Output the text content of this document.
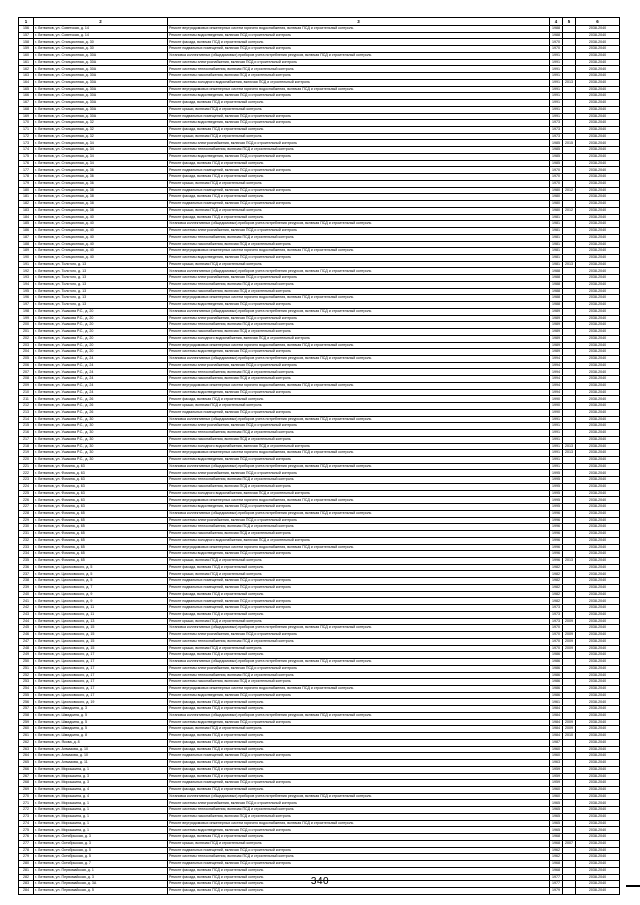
1	2	3	4	5	6
156	г. Литвинов, ул. Советская, д. 14	Ремонт внутридомовых инженерных систем горячего водоснабжения, включая ПСД и строительный контроль	1988		2038-2040
157	г. Литвинов, ул. Советская, д. 14	Ремонт системы водоотведения, включая ПСД и строительный контроль	1988		2038-2040
158	г. Литвинов, ул. Станционная, д. 30	Ремонт фасада, включая ПСД и строительный контроль	1970		2038-2040
159	г. Литвинов, ул. Станционная, д. 30	Ремонт подвальных помещений, включая ПСД и строительный контроль	1970		2038-2040
160	г. Литвинов, ул. Станционная, д. 30А	Установка коллективных (общедомовых) приборов учета потребления ресурсов, включая ПСД и строительный контроль	1991		2038-2040
161	г. Литвинов, ул. Станционная, д. 30А	Ремонт системы электроснабжения, включая ПСД и строительный контроль	1991		2038-2040
162	г. Литвинов, ул. Станционная, д. 30А	Ремонт системы теплоснабжения, включая ПСД и строительный контроль	1991		2038-2040
163	г. Литвинов, ул. Станционная, д. 30А	Ремонт системы газоснабжения, включая ПСД и строительный контроль	1991		2038-2040
164	г. Литвинов, ул. Станционная, д. 30А	Ремонт системы холодного водоснабжения, включая ПСД и строительный контроль	1991	2013	2038-2040
165	г. Литвинов, ул. Станционная, д. 30А	Ремонт внутридомовых инженерных систем горячего водоснабжения, включая ПСД и строительный контроль	1991		2038-2040
166	г. Литвинов, ул. Станционная, д. 30А	Ремонт системы водоотведения, включая ПСД и строительный контроль	1991		2038-2040
167	г. Литвинов, ул. Станционная, д. 30А	Ремонт фасада, включая ПСД и строительный контроль	1991		2038-2040
168	г. Литвинов, ул. Станционная, д. 30А	Ремонт крыши, включая ПСД и строительный контроль	1991		2038-2040
169	г. Литвинов, ул. Станционная, д. 30А	Ремонт подвальных помещений, включая ПСД и строительный контроль	1991		2038-2040
170	г. Литвинов, ул. Станционная, д. 32	Ремонт системы водоотведения, включая ПСД и строительный контроль	1973		2038-2040
171	г. Литвинов, ул. Станционная, д. 32	Ремонт фасада, включая ПСД и строительный контроль	1973		2038-2040
172	г. Литвинов, ул. Станционная, д. 32	Ремонт крыши, включая ПСД и строительный контроль	1973		2038-2040
173	г. Литвинов, ул. Станционная, д. 34	Ремонт системы электроснабжения, включая ПСД и строительный контроль	1985	2015	2038-2040
174	г. Литвинов, ул. Станционная, д. 34	Ремонт системы теплоснабжения, включая ПСД и строительный контроль	1985		2038-2040
175	г. Литвинов, ул. Станционная, д. 34	Ремонт системы водоотведения, включая ПСД и строительный контроль	1985		2038-2040
176	г. Литвинов, ул. Станционная, д. 34	Ремонт фасада, включая ПСД и строительный контроль	1985		2038-2040
177	г. Литвинов, ул. Станционная, д. 36	Ремонт подвальных помещений, включая ПСД и строительный контроль	1970		2038-2040
178	г. Литвинов, ул. Станционная, д. 36	Ремонт фасада, включая ПСД и строительный контроль	1970		2038-2040
179	г. Литвинов, ул. Станционная, д. 36	Ремонт крыши, включая ПСД и строительный контроль	1970		2038-2040
180	г. Литвинов, ул. Станционная, д. 38	Ремонт подвальных помещений, включая ПСД и строительный контроль	1980	2012	2038-2040
181	г. Литвинов, ул. Станционная, д. 38	Ремонт фасада, включая ПСД и строительный контроль	1980		2038-2040
182	г. Литвинов, ул. Станционная, д. 38	Ремонт подвальных помещений, включая ПСД и строительный контроль	1980		2038-2040
183	г. Литвинов, ул. Станционная, д. 38	Ремонт крыши, включая ПСД и строительный контроль	1980	2012	2038-2040
184	г. Литвинов, ул. Станционная, д. 40	Ремонт фасада, включая ПСД и строительный контроль	1981		2038-2040
185	г. Литвинов, ул. Станционная, д. 40	Установка коллективных (общедомовых) приборов учета потребления ресурсов, включая ПСД и строительный контроль	1981		2038-2040
186	г. Литвинов, ул. Станционная, д. 40	Ремонт системы электроснабжения, включая ПСД и строительный контроль	1981		2038-2040
187	г. Литвинов, ул. Станционная, д. 40	Ремонт системы теплоснабжения, включая ПСД и строительный контроль	1981		2038-2040
188	г. Литвинов, ул. Станционная, д. 40	Ремонт системы газоснабжения, включая ПСД и строительный контроль	1981		2038-2040
189	г. Литвинов, ул. Станционная, д. 40	Ремонт внутридомовых инженерных систем горячего водоснабжения, включая ПСД и строительный контроль	1981		2038-2040
190	г. Литвинов, ул. Станционная, д. 40	Ремонт системы водоотведения, включая ПСД и строительный контроль	1981		2038-2040
191	г. Литвинов, ул. Толстого, д. 13	Ремонт крыши, включая ПСД и строительный контроль	1981	2013	2038-2040
192	г. Литвинов, ул. Толстого, д. 13	Установка коллективных (общедомовых) приборов учета потребления ресурсов, включая ПСД и строительный контроль	1988		2038-2040
193	г. Литвинов, ул. Толстого, д. 13	Ремонт системы электроснабжения, включая ПСД и строительный контроль	1988		2038-2040
194	г. Литвинов, ул. Толстого, д. 13	Ремонт системы теплоснабжения, включая ПСД и строительный контроль	1988		2038-2040
195	г. Литвинов, ул. Толстого, д. 13	Ремонт системы газоснабжения, включая ПСД и строительный контроль	1988		2038-2040
196	г. Литвинов, ул. Толстого, д. 13	Ремонт внутридомовых инженерных систем горячего водоснабжения, включая ПСД и строительный контроль	1988		2038-2040
197	г. Литвинов, ул. Толстого, д. 13	Ремонт системы водоотведения, включая ПСД и строительный контроль	1988		2038-2040
198	г. Литвинов, ул. Ушакова Р.С., д. 20	Установка коллективных (общедомовых) приборов учета потребления ресурсов, включая ПСД и строительный контроль	1989		2038-2040
199	г. Литвинов, ул. Ушакова Р.С., д. 20	Ремонт системы электроснабжения, включая ПСД и строительный контроль	1989		2038-2040
200	г. Литвинов, ул. Ушакова Р.С., д. 20	Ремонт системы теплоснабжения, включая ПСД и строительный контроль	1989		2038-2040
201	г. Литвинов, ул. Ушакова Р.С., д. 20	Ремонт системы газоснабжения, включая ПСД и строительный контроль	1989		2038-2040
202	г. Литвинов, ул. Ушакова Р.С., д. 20	Ремонт системы холодного водоснабжения, включая ПСД и строительный контроль	1989		2038-2040
203	г. Литвинов, ул. Ушакова Р.С., д. 20	Ремонт внутридомовых инженерных систем горячего водоснабжения, включая ПСД и строительный контроль	1989		2038-2040
204	г. Литвинов, ул. Ушакова Р.С., д. 20	Ремонт системы водоотведения, включая ПСД и строительный контроль	1989		2038-2040
205	г. Литвинов, ул. Ушакова Р.С., д. 24	Установка коллективных (общедомовых) приборов учета потребления ресурсов, включая ПСД и строительный контроль	1994		2038-2040
206	г. Литвинов, ул. Ушакова Р.С., д. 24	Ремонт системы электроснабжения, включая ПСД и строительный контроль	1994		2038-2040
207	г. Литвинов, ул. Ушакова Р.С., д. 24	Ремонт системы теплоснабжения, включая ПСД и строительный контроль	1994		2038-2040
208	г. Литвинов, ул. Ушакова Р.С., д. 24	Ремонт системы газоснабжения, включая ПСД и строительный контроль	1994		2038-2040
209	г. Литвинов, ул. Ушакова Р.С., д. 24	Ремонт внутридомовых инженерных систем горячего водоснабжения, включая ПСД и строительный контроль	1994		2038-2040
210	г. Литвинов, ул. Ушакова Р.С., д. 24	Ремонт системы водоотведения, включая ПСД и строительный контроль	1994		2038-2040
211	г. Литвинов, ул. Ушакова Р.С., д. 26	Ремонт фасада, включая ПСД и строительный контроль	1990		2038-2040
212	г. Литвинов, ул. Ушакова Р.С., д. 26	Ремонт крыши, включая ПСД и строительный контроль	1990		2038-2040
213	г. Литвинов, ул. Ушакова Р.С., д. 26	Ремонт подвальных помещений, включая ПСД и строительный контроль	1990		2038-2040
214	г. Литвинов, ул. Ушакова Р.С., д. 30	Установка коллективных (общедомовых) приборов учета потребления ресурсов, включая ПСД и строительный контроль	1991		2038-2040
215	г. Литвинов, ул. Ушакова Р.С., д. 30	Ремонт системы электроснабжения, включая ПСД и строительный контроль	1991		2038-2040
216	г. Литвинов, ул. Ушакова Р.С., д. 30	Ремонт системы теплоснабжения, включая ПСД и строительный контроль	1991		2038-2040
217	г. Литвинов, ул. Ушакова Р.С., д. 30	Ремонт системы газоснабжения, включая ПСД и строительный контроль	1991		2038-2040
218	г. Литвинов, ул. Ушакова Р.С., д. 30	Ремонт системы холодного водоснабжения, включая ПСД и строительный контроль	1991	2013	2038-2040
219	г. Литвинов, ул. Ушакова Р.С., д. 30	Ремонт внутридомовых инженерных систем горячего водоснабжения, включая ПСД и строительный контроль	1991	2013	2038-2040
220	г. Литвинов, ул. Ушакова Р.С., д. 30	Ремонт системы водоотведения, включая ПСД и строительный контроль	1991		2038-2040
221	г. Литвинов, ул. Фомина, д. 63	Установка коллективных (общедомовых) приборов учета потребления ресурсов, включая ПСД и строительный контроль	1991		2038-2040
222	г. Литвинов, ул. Фомина, д. 63	Ремонт системы электроснабжения, включая ПСД и строительный контроль	1995		2038-2040
223	г. Литвинов, ул. Фомина, д. 63	Ремонт системы теплоснабжения, включая ПСД и строительный контроль	1995		2038-2040
224	г. Литвинов, ул. Фомина, д. 63	Ремонт системы газоснабжения, включая ПСД и строительный контроль	1995		2038-2040
225	г. Литвинов, ул. Фомина, д. 63	Ремонт системы холодного водоснабжения, включая ПСД и строительный контроль	1995		2038-2040
226	г. Литвинов, ул. Фомина, д. 63	Ремонт внутридомовых инженерных систем горячего водоснабжения, включая ПСД и строительный контроль	1995		2038-2040
227	г. Литвинов, ул. Фомина, д. 63	Ремонт системы водоотведения, включая ПСД и строительный контроль	1995		2038-2040
228	г. Литвинов, ул. Фомина, д. 65	Установка коллективных (общедомовых) приборов учета потребления ресурсов, включая ПСД и строительный контроль	1996		2038-2040
229	г. Литвинов, ул. Фомина, д. 65	Ремонт системы электроснабжения, включая ПСД и строительный контроль	1996		2038-2040
230	г. Литвинов, ул. Фомина, д. 65	Ремонт системы теплоснабжения, включая ПСД и строительный контроль	1996		2038-2040
231	г. Литвинов, ул. Фомина, д. 65	Ремонт системы газоснабжения, включая ПСД и строительный контроль	1996		2038-2040
232	г. Литвинов, ул. Фомина, д. 65	Ремонт системы холодного водоснабжения, включая ПСД и строительный контроль	1996		2038-2040
233	г. Литвинов, ул. Фомина, д. 65	Ремонт внутридомовых инженерных систем горячего водоснабжения, включая ПСД и строительный контроль	1996		2038-2040
234	г. Литвинов, ул. Фомина, д. 65	Ремонт системы водоотведения, включая ПСД и строительный контроль	1996		2038-2040
235	г. Литвинов, ул. Фомина, д. 65	Ремонт крыши, включая ПСД и строительный контроль	1996	2013	2038-2040
236	г. Литвинов, ул. Циолковского, д. 5	Ремонт фасада, включая ПСД и строительный контроль	1982		2038-2040
237	г. Литвинов, ул. Циолковского, д. 5	Ремонт крыши, включая ПСД и строительный контроль	1982		2038-2040
238	г. Литвинов, ул. Циолковского, д. 5	Ремонт подвальных помещений, включая ПСД и строительный контроль	1982		2038-2040
239	г. Литвинов, ул. Циолковского, д. 7	Ремонт подвальных помещений, включая ПСД и строительный контроль	1982		2038-2040
240	г. Литвинов, ул. Циолковского, д. 9	Ремонт фасада, включая ПСД и строительный контроль	1982		2038-2040
241	г. Литвинов, ул. Циолковского, д. 9	Ремонт подвальных помещений, включая ПСД и строительный контроль	1982		2038-2040
242	г. Литвинов, ул. Циолковского, д. 11	Ремонт подвальных помещений, включая ПСД и строительный контроль	1973		2038-2040
243	г. Литвинов, ул. Циолковского, д. 11	Ремонт фасада, включая ПСД и строительный контроль	1973		2038-2040
244	г. Литвинов, ул. Циолковского, д. 13	Ремонт крыши, включая ПСД и строительный контроль	1973	2009	2038-2040
245	г. Литвинов, ул. Циолковского, д. 15	Установка коллективных (общедомовых) приборов учета потребления ресурсов, включая ПСД и строительный контроль	1970		2038-2040
246	г. Литвинов, ул. Циолковского, д. 15	Ремонт системы электроснабжения, включая ПСД и строительный контроль	1970	2009	2038-2040
247	г. Литвинов, ул. Циолковского, д. 15	Ремонт системы теплоснабжения, включая ПСД и строительный контроль	1970	2009	2038-2040
248	г. Литвинов, ул. Циолковского, д. 15	Ремонт крыши, включая ПСД и строительный контроль	1970	2009	2038-2040
249	г. Литвинов, ул. Циолковского, д. 17	Ремонт фасада, включая ПСД и строительный контроль	1986		2038-2040
250	г. Литвинов, ул. Циолковского, д. 17	Установка коллективных (общедомовых) приборов учета потребления ресурсов, включая ПСД и строительный контроль	1986		2038-2040
251	г. Литвинов, ул. Циолковского, д. 17	Ремонт системы электроснабжения, включая ПСД и строительный контроль	1986		2038-2040
252	г. Литвинов, ул. Циолковского, д. 17	Ремонт системы теплоснабжения, включая ПСД и строительный контроль	1986		2038-2040
253	г. Литвинов, ул. Циолковского, д. 17	Ремонт системы газоснабжения, включая ПСД и строительный контроль	1986		2038-2040
254	г. Литвинов, ул. Циолковского, д. 17	Ремонт внутридомовых инженерных систем горячего водоснабжения, включая ПСД и строительный контроль	1986		2038-2040
255	г. Литвинов, ул. Циолковского, д. 17	Ремонт системы водоотведения, включая ПСД и строительный контроль	1986		2038-2040
256	г. Литвинов, ул. Циолковского, д. 19	Ремонт фасада, включая ПСД и строительный контроль	1961		2038-2040
257	г. Литвинов, ул. Шмидкина, д. 3	Ремонт фасада, включая ПСД и строительный контроль	1984		2038-2040
258	г. Литвинов, ул. Шмидкина, д. 5	Установка коллективных (общедомовых) приборов учета потребления ресурсов, включая ПСД и строительный контроль	1984		2038-2040
259	г. Литвинов, ул. Шмидкина, д. 5	Ремонт системы водоотведения, включая ПСД и строительный контроль	1984	2009	2038-2040
260	г. Литвинов, ул. Шмидкина, д. 5	Ремонт крыши, включая ПСД и строительный контроль	1984	2009	2038-2040
261	г. Литвинов, ул. Шмидкина, д. 8	Ремонт фасада, включая ПСД и строительный контроль	1984	2010	2038-2040
262	г. Литвинов, ул. Якова, д. 8	Ремонт фасада, включая ПСД и строительный контроль	1987		2038-2040
263	г. Литвинов, ул. Алмазова, д. 10	Ремонт фасада, включая ПСД и строительный контроль	1960		2038-2040
264	г. Литвинов, ул. Алмазова, д. 10	Ремонт подвальных помещений, включая ПСД и строительный контроль	1960		2038-2040
265	г. Литвинов, ул. Алмазова, д. 11	Ремонт фасада, включая ПСД и строительный контроль	1963		2038-2040
266	г. Литвинов, ул. Мирошкина, д. 1	Ремонт фасада, включая ПСД и строительный контроль	1959		2038-2040
267	г. Литвинов, ул. Мирошкина, д. 3	Ремонт фасада, включая ПСД и строительный контроль	1959		2038-2040
268	г. Литвинов, ул. Мирошкина, д. 3	Ремонт подвальных помещений, включая ПСД и строительный контроль	1959		2038-2040
269	г. Литвинов, ул. Мирошкина, д. 4	Ремонт фасада, включая ПСД и строительный контроль	1960		2038-2040
270	г. Литвинов, ул. Мирошкина, д. 4	Установка коллективных (общедомовых) приборов учета потребления ресурсов, включая ПСД и строительный контроль	1960		2038-2040
271	г. Литвинов, ул. Мирошкина, д. 1	Ремонт системы электроснабжения, включая ПСД и строительный контроль	1965		2038-2040
272	г. Литвинов, ул. Мирошкина, д. 1	Ремонт системы теплоснабжения, включая ПСД и строительный контроль	1965		2038-2040
273	г. Литвинов, ул. Мирошкина, д. 1	Ремонт системы газоснабжения, включая ПСД и строительный контроль	1965		2038-2040
274	г. Литвинов, ул. Мирошкина, д. 1	Ремонт внутридомовых инженерных систем горячего водоснабжения, включая ПСД и строительный контроль	1965		2038-2040
275	г. Литвинов, ул. Мирошкина, д. 1	Ремонт системы водоотведения, включая ПСД и строительный контроль	1965		2038-2040
276	г. Литвинов, ул. Октябрьская, д. 3	Ремонт фасада, включая ПСД и строительный контроль	1968		2038-2040
277	г. Литвинов, ул. Октябрьская, д. 3	Ремонт крыши, включая ПСД и строительный контроль	1968	2007	2038-2040
278	г. Литвинов, ул. Октябрьская, д. 5	Ремонт подвальных помещений, включая ПСД и строительный контроль	1962		2038-2040
279	г. Литвинов, ул. Октябрьская, д. 5	Ремонт системы теплоснабжения, включая ПСД и строительный контроль	1962		2038-2040
280	г. Литвинов, ул. Октябрьская, д. 7	Ремонт подвальных помещений, включая ПСД и строительный контроль	1968		2038-2040
281	г. Литвинов, ул. Первомайская, д. 1	Ремонт фасада, включая ПСД и строительный контроль	1968		2038-2040
282	г. Литвинов, ул. Первомайская, д. 3	Ремонт фасада, включая ПСД и строительный контроль	1977		2038-2040
283	г. Литвинов, ул. Первомайская, д. 3А	Ремонт фасада, включая ПСД и строительный контроль	1977		2038-2040
284	г. Литвинов, ул. Первомайская, д. 5	Ремонт фасада, включая ПСД и строительный контроль	1979		2038-2040
340
